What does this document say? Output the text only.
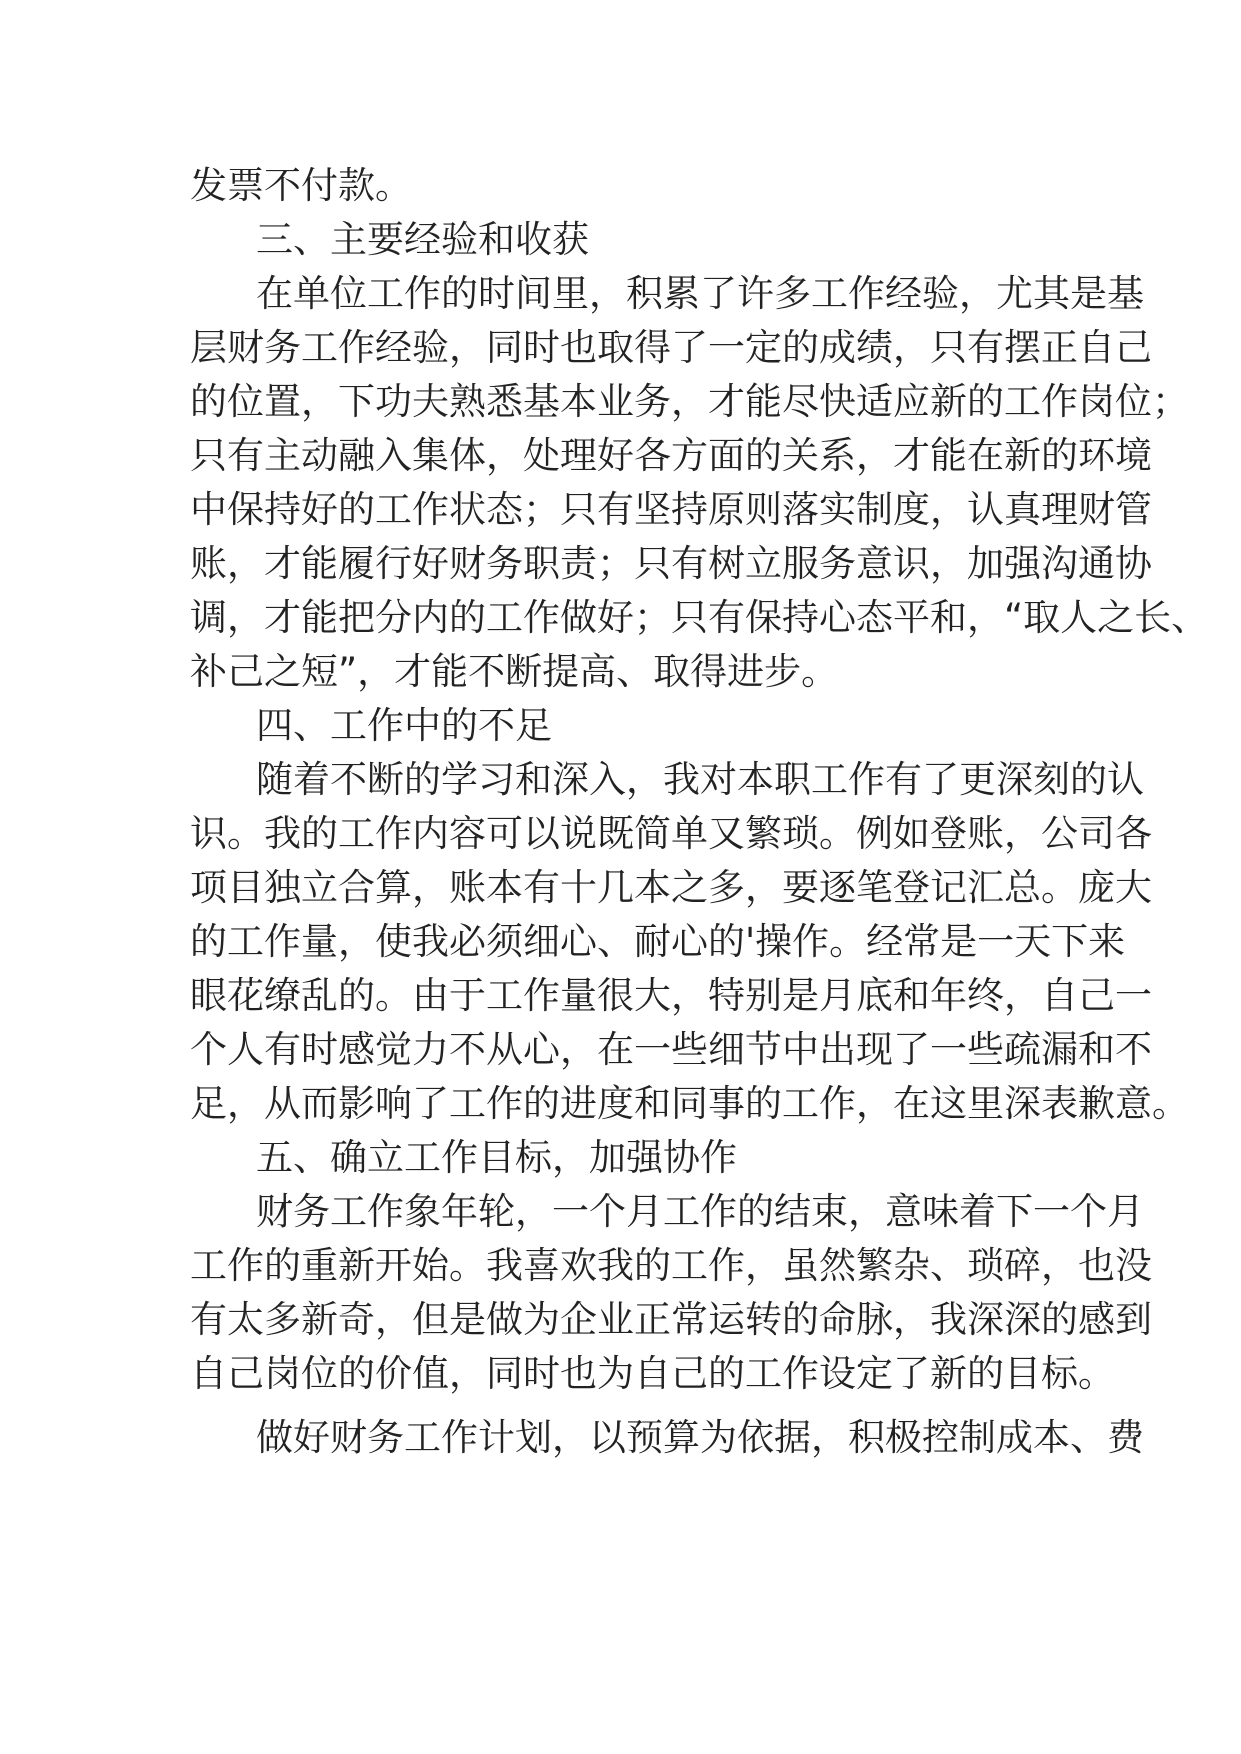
发票不付款。

三、主要经验和收获

在单位工作的时间里，积累了许多工作经验，尤其是基

层财务工作经验，同时也取得了一定的成绩，只有摆正自己

的位置，下功夫熟悉基本业务，才能尽快适应新的工作岗位；

只有主动融入集体，处理好各方面的关系，才能在新的环境

中保持好的工作状态；只有坚持原则落实制度，认真理财管

账，才能履行好财务职责；只有树立服务意识，加强沟通协

调，才能把分内的工作做好；只有保持心态平和，“取人之长、

补己之短”，才能不断提高、取得进步。

四、工作中的不足

随着不断的学习和深入，我对本职工作有了更深刻的认

识。我的工作内容可以说既简单又繁琐。例如登账，公司各

项目独立合算，账本有十几本之多，要逐笔登记汇总。庞大

的工作量，使我必须细心、耐心的'操作。经常是一天下来

眼花缭乱的。由于工作量很大，特别是月底和年终，自己一

个人有时感觉力不从心，在一些细节中出现了一些疏漏和不

足，从而影响了工作的进度和同事的工作，在这里深表歉意。

五、确立工作目标，加强协作

财务工作象年轮，一个月工作的结束，意味着下一个月

工作的重新开始。我喜欢我的工作，虽然繁杂、琐碎，也没

有太多新奇，但是做为企业正常运转的命脉，我深深的感到

自己岗位的价值，同时也为自己的工作设定了新的目标。

做好财务工作计划，以预算为依据，积极控制成本、费
